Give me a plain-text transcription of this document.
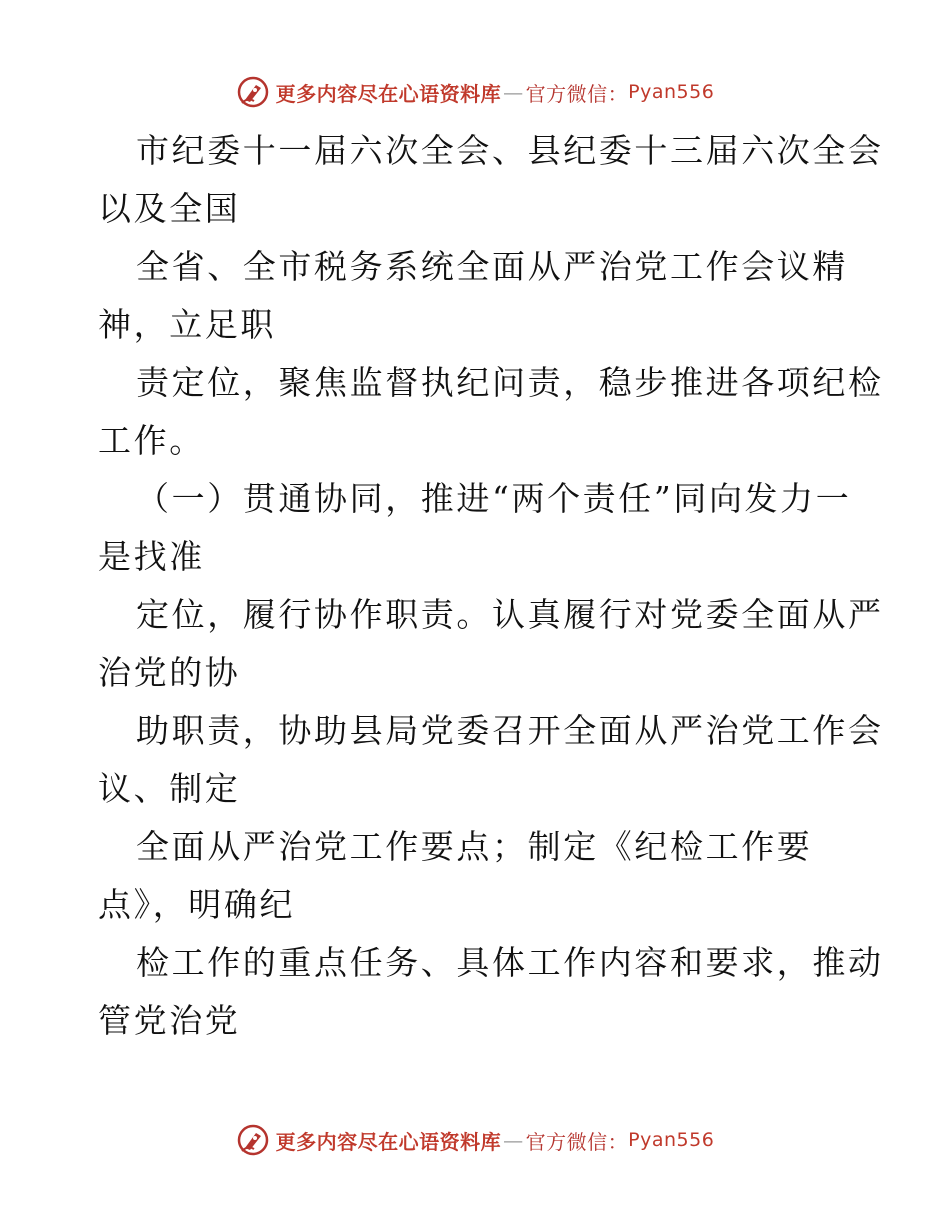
更多内容尽在心语资料库 — 官方微信： Pyan556
市纪委十一届六次全会、县纪委十三届六次全会
以及全国
全省、全市税务系统全面从严治党工作会议精
神，立足职
责定位，聚焦监督执纪问责，稳步推进各项纪检
工作。
（一）贯通协同，推进“两个责任”同向发力一
是找准
定位，履行协作职责。认真履行对党委全面从严
治党的协
助职责，协助县局党委召开全面从严治党工作会
议、制定
全面从严治党工作要点；制定《纪检工作要
点》，明确纪
检工作的重点任务、具体工作内容和要求，推动
管党治党
更多内容尽在心语资料库 — 官方微信： Pyan556
